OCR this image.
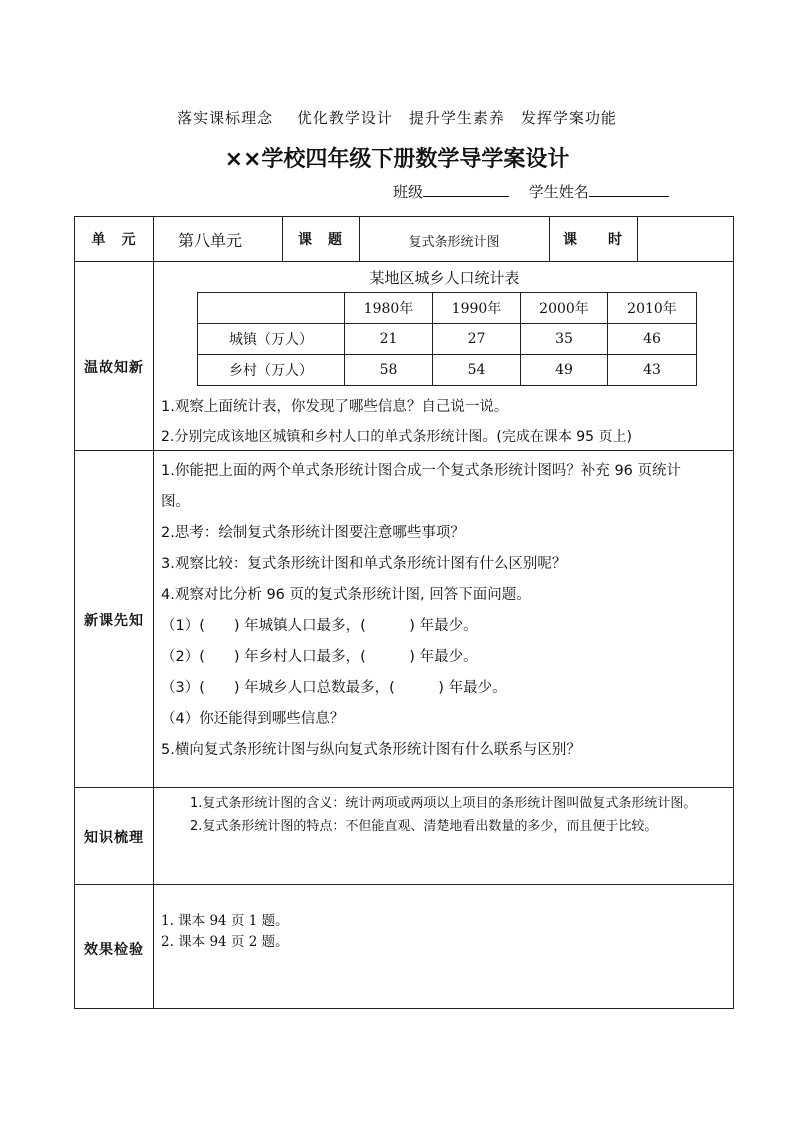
落实课标理念　 优化教学设计　提升学生素养　发挥学案功能
××学校四年级下册数学导学案设计
班级　	学生姓名
单　元	第八单元	课　题	复式条形统计图	课　　时
温故知新
某地区城乡人口统计表
	1980年	1990年	2000年	2010年
城镇（万人）	21	27	35	46
乡村（万人）	58	54	49	43
1.观察上面统计表，你发现了哪些信息？自己说一说。
2.分别完成该地区城镇和乡村人口的单式条形统计图。(完成在课本 95 页上)
新课先知
1.你能把上面的两个单式条形统计图合成一个复式条形统计图吗？补充 96 页统计
图。
2.思考：绘制复式条形统计图要注意哪些事项？
3.观察比较：复式条形统计图和单式条形统计图有什么区别呢？
4.观察对比分析 96 页的复式条形统计图, 回答下面问题。
（1）(　　) 年城镇人口最多，(　　　) 年最少。
（2）(　　) 年乡村人口最多，(　　　) 年最少。
（3）(　　) 年城乡人口总数最多，(　　　) 年最少。
（4）你还能得到哪些信息？
5.横向复式条形统计图与纵向复式条形统计图有什么联系与区别？
知识梳理
1.复式条形统计图的含义：统计两项或两项以上项目的条形统计图叫做复式条形统计图。
2.复式条形统计图的特点：不但能直观、清楚地看出数量的多少，而且便于比较。
效果检验
1. 课本 94 页 1 题。
2. 课本 94 页 2 题。
